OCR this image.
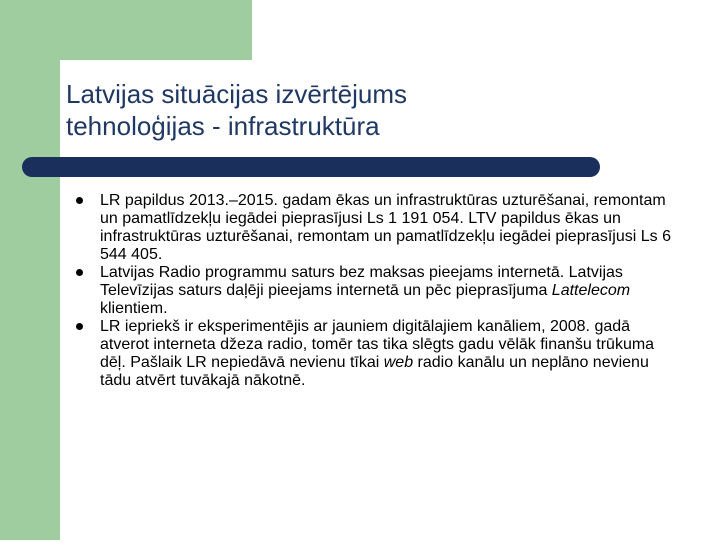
Latvijas situācijas izvērtējums
tehnoloģijas - infrastruktūra
LR papildus 2013.–2015. gadam ēkas un infrastruktūras uzturēšanai, remontam un pamatlīdzekļu iegādei pieprasījusi Ls 1 191 054. LTV papildus ēkas un infrastruktūras uzturēšanai, remontam un pamatlīdzekļu iegādei pieprasījusi Ls 6 544 405.
Latvijas Radio programmu saturs bez maksas pieejams internetā. Latvijas Televīzijas saturs daļēji pieejams internetā un pēc pieprasījuma Lattelecom klientiem.
LR iepriekš ir eksperimentējis ar jauniem digitālajiem kanāliem, 2008. gadā atverot interneta džeza radio, tomēr tas tika slēgts gadu vēlāk finanšu trūkuma dēļ. Pašlaik LR nepiedāvā nevienu tīkai web radio kanālu un neplāno nevienu tādu atvērt tuvākajā nākotnē.
